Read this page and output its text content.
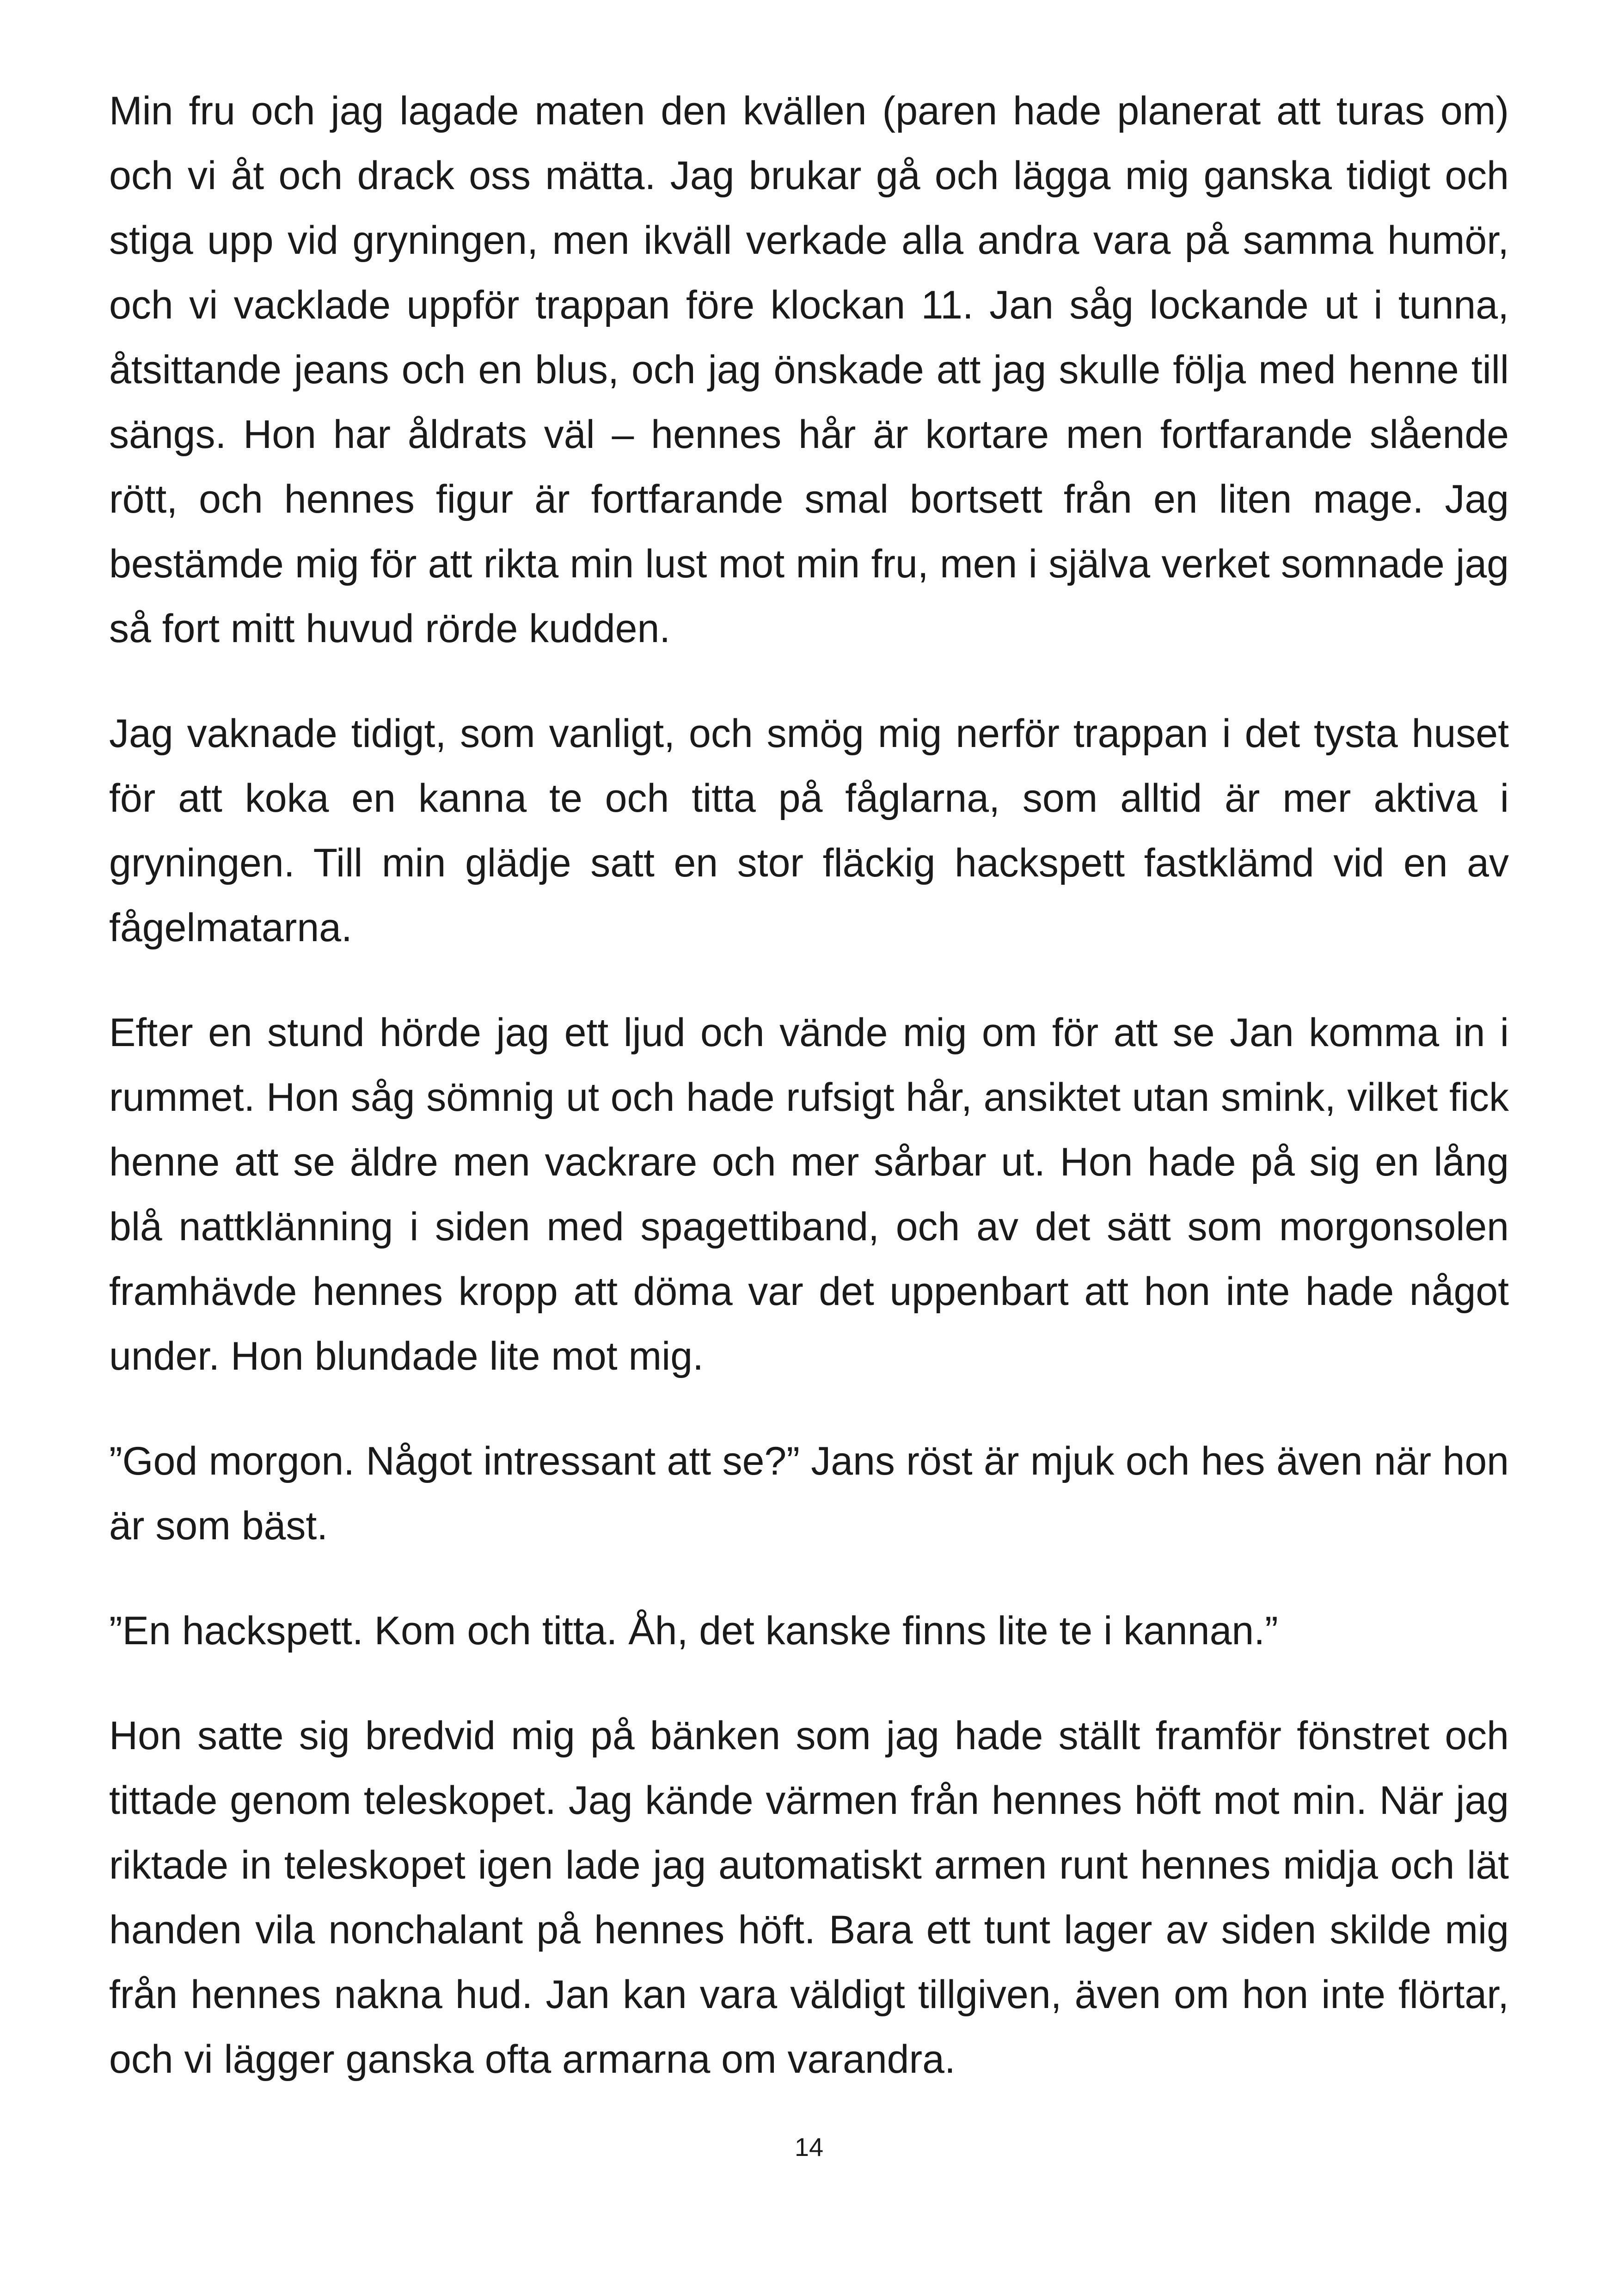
Min fru och jag lagade maten den kvällen (paren hade planerat att turas om) och vi åt och drack oss mätta. Jag brukar gå och lägga mig ganska tidigt och stiga upp vid gryningen, men ikväll verkade alla andra vara på samma humör, och vi vacklade uppför trappan före klockan 11. Jan såg lockande ut i tunna, åtsittande jeans och en blus, och jag önskade att jag skulle följa med henne till sängs. Hon har åldrats väl – hennes hår är kortare men fortfarande slående rött, och hennes figur är fortfarande smal bortsett från en liten mage. Jag bestämde mig för att rikta min lust mot min fru, men i själva verket somnade jag så fort mitt huvud rörde kudden.

Jag vaknade tidigt, som vanligt, och smög mig nerför trappan i det tysta huset för att koka en kanna te och titta på fåglarna, som alltid är mer aktiva i gryningen. Till min glädje satt en stor fläckig hackspett fastklämd vid en av fågelmatarna.

Efter en stund hörde jag ett ljud och vände mig om för att se Jan komma in i rummet. Hon såg sömnig ut och hade rufsigt hår, ansiktet utan smink, vilket fick henne att se äldre men vackrare och mer sårbar ut. Hon hade på sig en lång blå nattklänning i siden med spagettiband, och av det sätt som morgonsolen framhävde hennes kropp att döma var det uppenbart att hon inte hade något under. Hon blundade lite mot mig.

”God morgon. Något intressant att se?” Jans röst är mjuk och hes även när hon är som bäst.

”En hackspett. Kom och titta. Åh, det kanske finns lite te i kannan.”

Hon satte sig bredvid mig på bänken som jag hade ställt framför fönstret och tittade genom teleskopet. Jag kände värmen från hennes höft mot min. När jag riktade in teleskopet igen lade jag automatiskt armen runt hennes midja och lät handen vila nonchalant på hennes höft. Bara ett tunt lager av siden skilde mig från hennes nakna hud. Jan kan vara väldigt tillgiven, även om hon inte flörtar, och vi lägger ganska ofta armarna om varandra.

14
